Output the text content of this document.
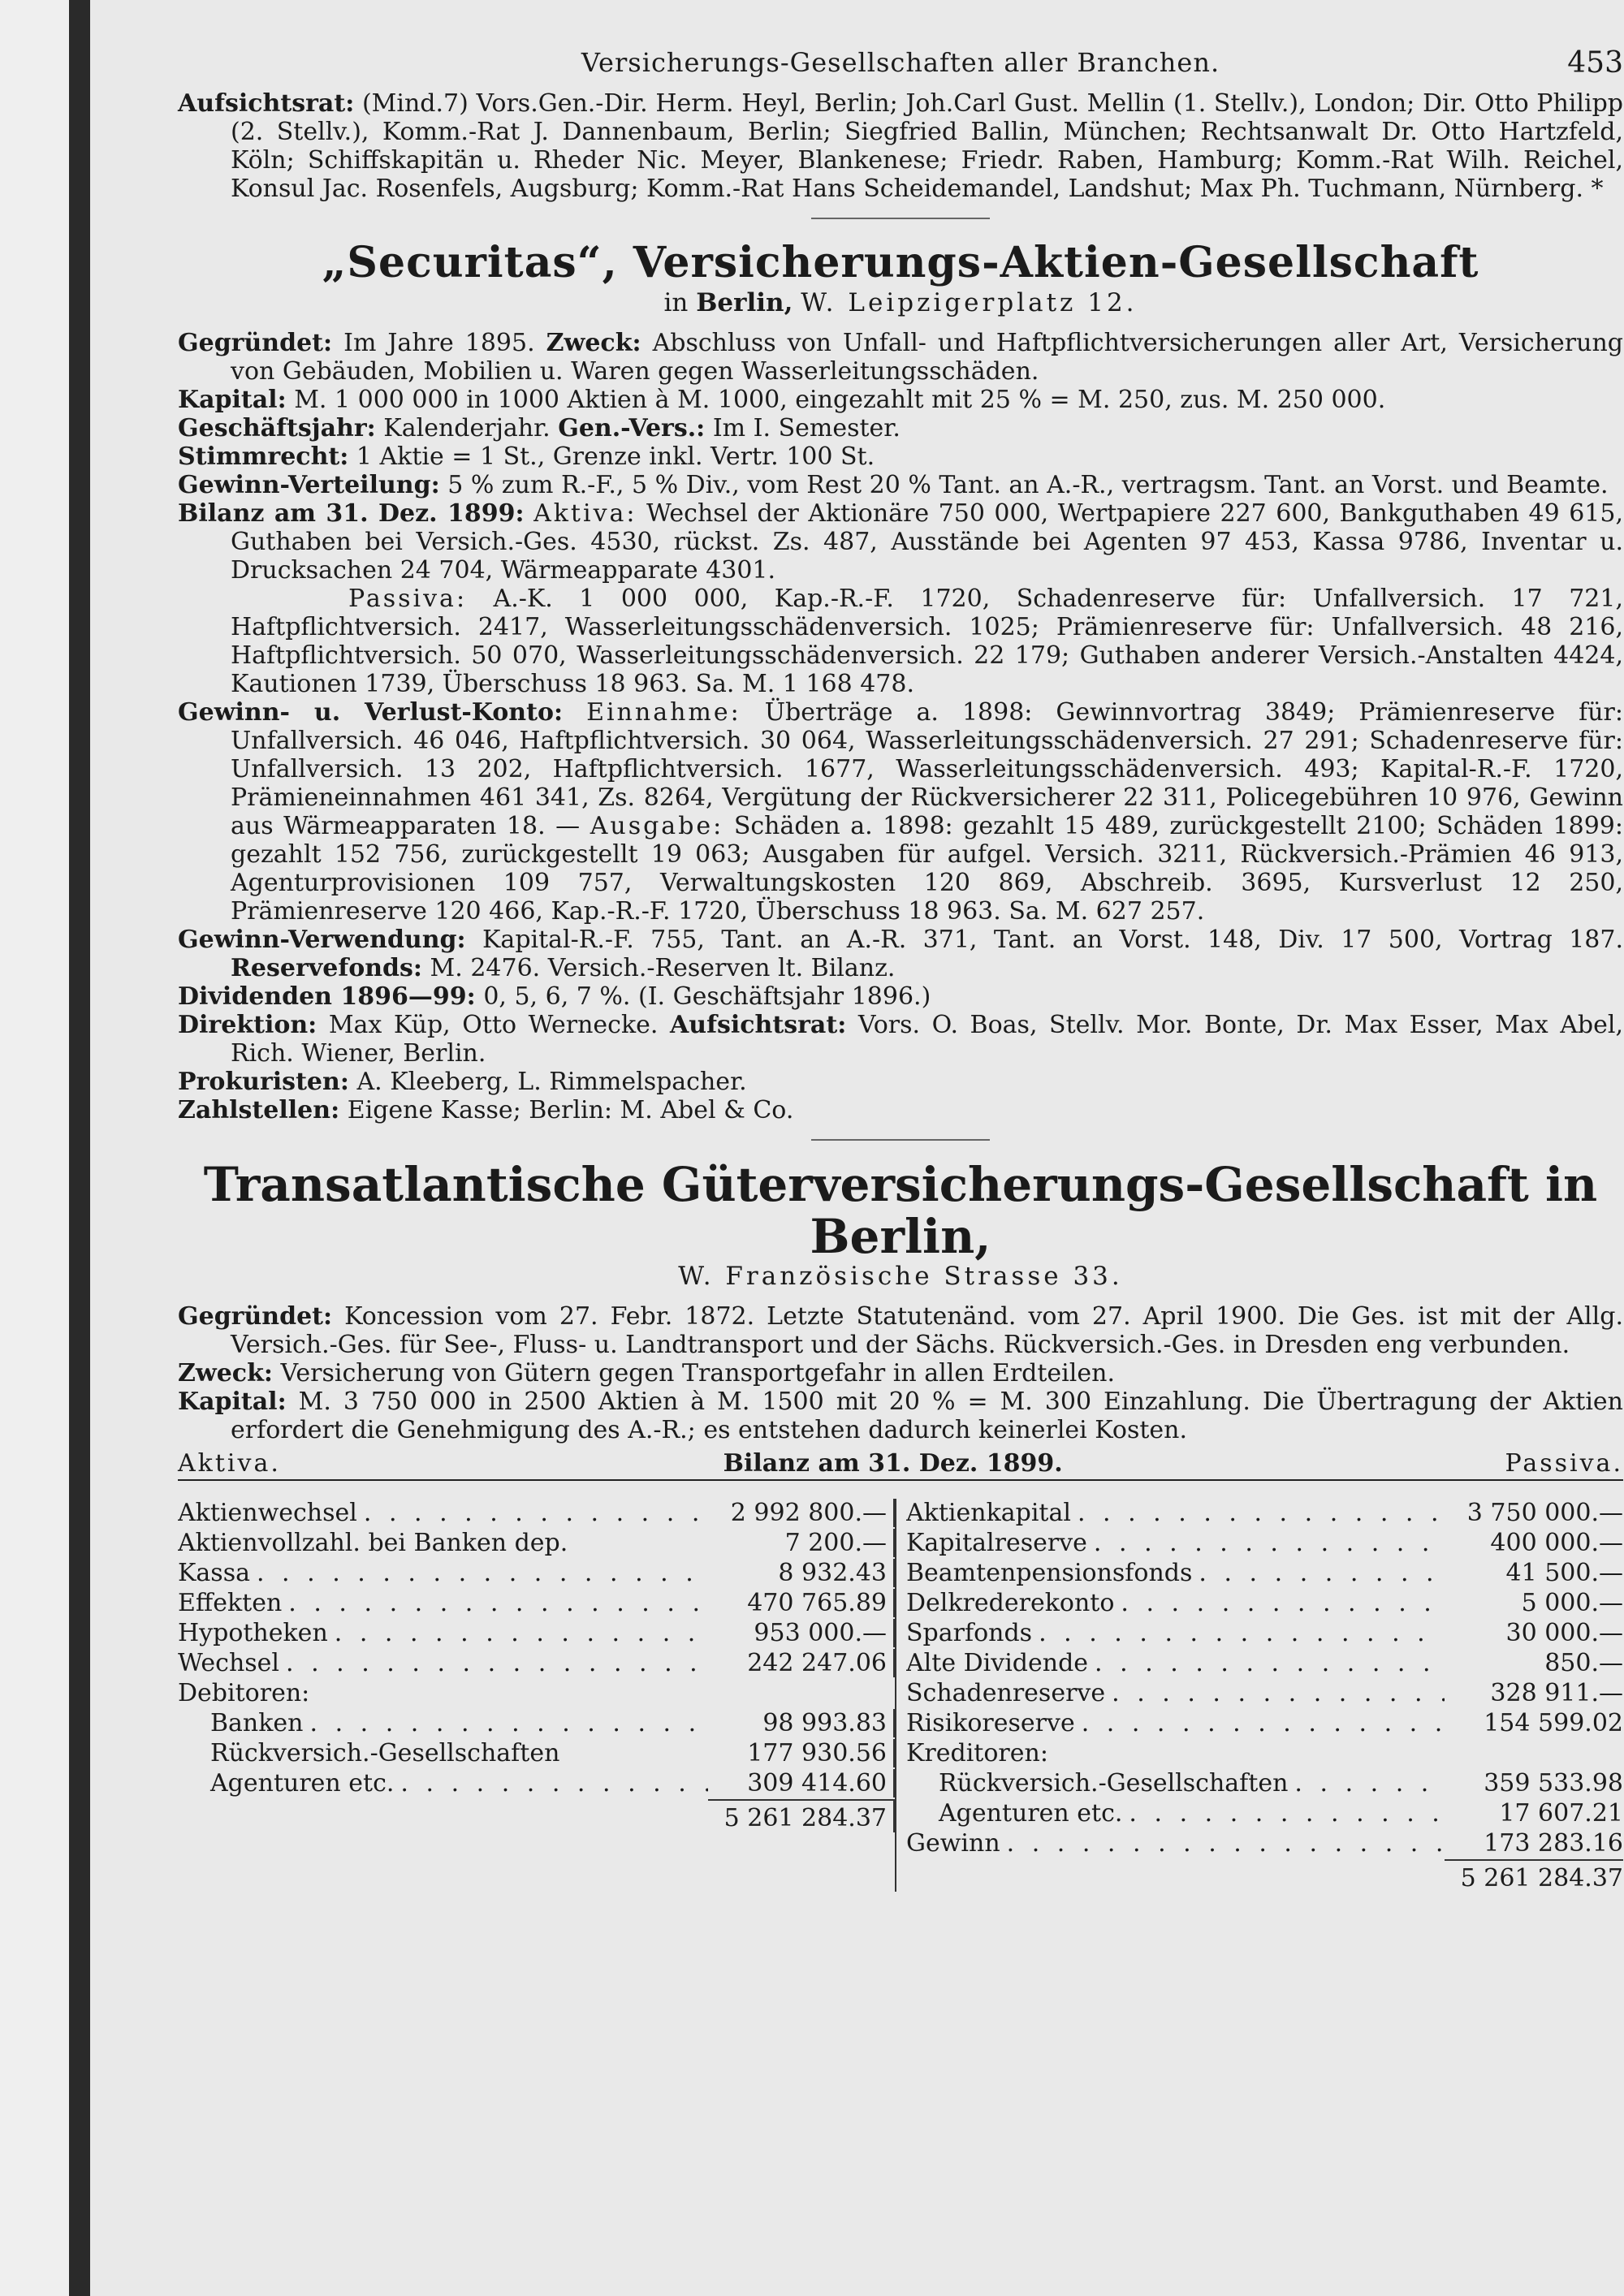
Versicherungs-Gesellschaften aller Branchen.	453

Aufsichtsrat: (Mind.7) Vors.Gen.-Dir. Herm. Heyl, Berlin; Joh.Carl Gust. Mellin (1. Stellv.), London; Dir. Otto Philipp (2. Stellv.), Komm.-Rat J. Dannenbaum, Berlin; Siegfried Ballin, München; Rechtsanwalt Dr. Otto Hartzfeld, Köln; Schiffskapitän u. Rheder Nic. Meyer, Blankenese; Friedr. Raben, Hamburg; Komm.-Rat Wilh. Reichel, Konsul Jac. Rosenfels, Augsburg; Komm.-Rat Hans Scheidemandel, Landshut; Max Ph. Tuchmann, Nürnberg. *

„Securitas“, Versicherungs-Aktien-Gesellschaft
in Berlin, W. Leipzigerplatz 12.

Gegründet: Im Jahre 1895. Zweck: Abschluss von Unfall- und Haftpflichtversicherungen aller Art, Versicherung von Gebäuden, Mobilien u. Waren gegen Wasserleitungsschäden.

Kapital: M. 1 000 000 in 1000 Aktien à M. 1000, eingezahlt mit 25 % = M. 250, zus. M. 250 000.

Geschäftsjahr: Kalenderjahr. Gen.-Vers.: Im I. Semester.

Stimmrecht: 1 Aktie = 1 St., Grenze inkl. Vertr. 100 St.

Gewinn-Verteilung: 5 % zum R.-F., 5 % Div., vom Rest 20 % Tant. an A.-R., vertragsm. Tant. an Vorst. und Beamte.

Bilanz am 31. Dez. 1899: Aktiva: Wechsel der Aktionäre 750 000, Wertpapiere 227 600, Bankguthaben 49 615, Guthaben bei Versich.-Ges. 4530, rückst. Zs. 487, Ausstände bei Agenten 97 453, Kassa 9786, Inventar u. Drucksachen 24 704, Wärmeapparate 4301.

Passiva: A.-K. 1 000 000, Kap.-R.-F. 1720, Schadenreserve für: Unfallversich. 17 721, Haftpflichtversich. 2417, Wasserleitungsschädenversich. 1025; Prämienreserve für: Unfallversich. 48 216, Haftpflichtversich. 50 070, Wasserleitungsschädenversich. 22 179; Guthaben anderer Versich.-Anstalten 4424, Kautionen 1739, Überschuss 18 963. Sa. M. 1 168 478.

Gewinn- u. Verlust-Konto: Einnahme: Überträge a. 1898: Gewinnvortrag 3849; Prämienreserve für: Unfallversich. 46 046, Haftpflichtversich. 30 064, Wasserleitungsschädenversich. 27 291; Schadenreserve für: Unfallversich. 13 202, Haftpflichtversich. 1677, Wasserleitungsschädenversich. 493; Kapital-R.-F. 1720, Prämieneinnahmen 461 341, Zs. 8264, Vergütung der Rückversicherer 22 311, Policegebühren 10 976, Gewinn aus Wärmeapparaten 18. — Ausgabe: Schäden a. 1898: gezahlt 15 489, zurückgestellt 2100; Schäden 1899: gezahlt 152 756, zurückgestellt 19 063; Ausgaben für aufgel. Versich. 3211, Rückversich.-Prämien 46 913, Agenturprovisionen 109 757, Verwaltungskosten 120 869, Abschreib. 3695, Kursverlust 12 250, Prämienreserve 120 466, Kap.-R.-F. 1720, Überschuss 18 963. Sa. M. 627 257.

Gewinn-Verwendung: Kapital-R.-F. 755, Tant. an A.-R. 371, Tant. an Vorst. 148, Div. 17 500, Vortrag 187. Reservefonds: M. 2476. Versich.-Reserven lt. Bilanz.

Dividenden 1896—99: 0, 5, 6, 7 %. (I. Geschäftsjahr 1896.)

Direktion: Max Küp, Otto Wernecke. Aufsichtsrat: Vors. O. Boas, Stellv. Mor. Bonte, Dr. Max Esser, Max Abel, Rich. Wiener, Berlin.

Prokuristen: A. Kleeberg, L. Rimmelspacher.

Zahlstellen: Eigene Kasse; Berlin: M. Abel & Co.

Transatlantische Güterversicherungs-Gesellschaft in Berlin,
W. Französische Strasse 33.

Gegründet: Koncession vom 27. Febr. 1872. Letzte Statutenänd. vom 27. April 1900. Die Ges. ist mit der Allg. Versich.-Ges. für See-, Fluss- u. Landtransport und der Sächs. Rückversich.-Ges. in Dresden eng verbunden.

Zweck: Versicherung von Gütern gegen Transportgefahr in allen Erdteilen.

Kapital: M. 3 750 000 in 2500 Aktien à M. 1500 mit 20 % = M. 300 Einzahlung. Die Übertragung der Aktien erfordert die Genehmigung des A.-R.; es entstehen dadurch keinerlei Kosten.

Aktiva.	Bilanz am 31. Dez. 1899.	Passiva.
Aktienwechsel . . .	2 992 800.—
Aktienvollzahl. bei Banken dep.	7 200.—
Kassa . . .	8 932.43
Effekten . . .	470 765.89
Hypotheken . . .	953 000.—
Wechsel . . .	242 247.06
Debitoren:
Banken . . .	98 993.83
Rückversich.-Gesellschaften	177 930.56
Agenturen etc. . . .	309 414.60
5 261 284.37
Aktienkapital . . .	3 750 000.—
Kapitalreserve . . .	400 000.—
Beamtenpensionsfonds . . .	41 500.—
Delkrederekonto . . .	5 000.—
Sparfonds . . .	30 000.—
Alte Dividende . . .	850.—
Schadenreserve . . .	328 911.—
Risikoreserve . . .	154 599.02
Kreditoren:
Rückversich.-Gesellschaften . . .	359 533.98
Agenturen etc. . . .	17 607.21
Gewinn . . .	173 283.16
5 261 284.37
